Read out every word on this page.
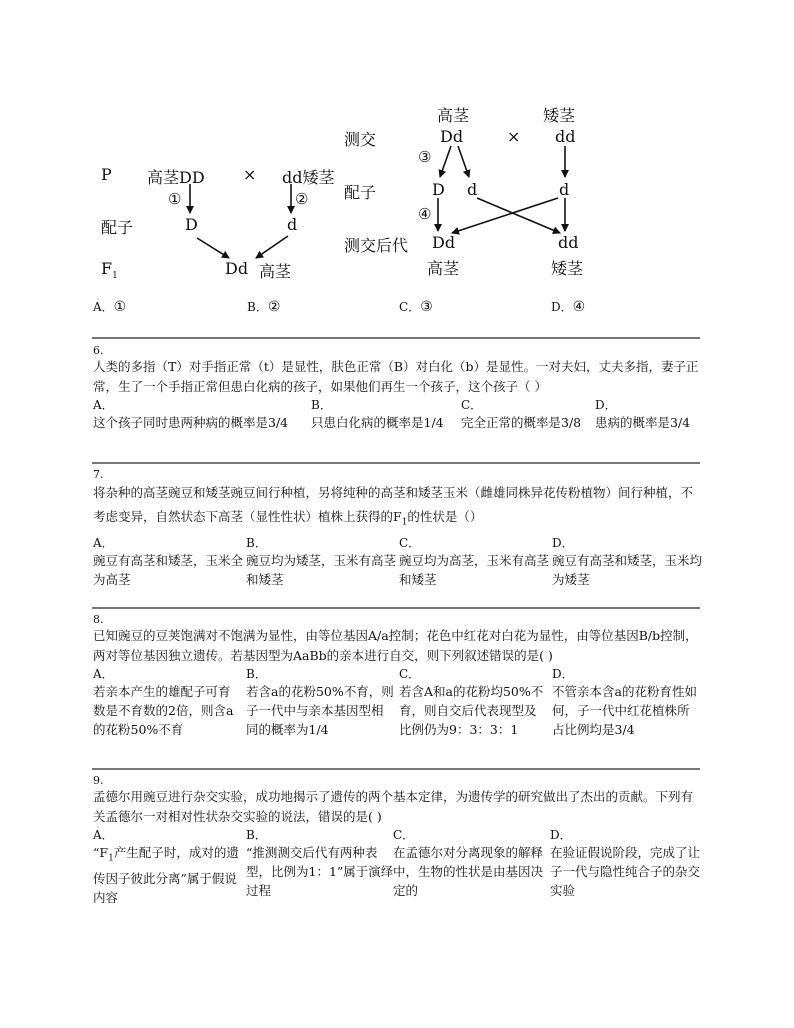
P 高茎DD × dd矮茎
①	②
配子	D	d
$F_1$	Dd 高茎
高茎	矮茎
测交	Dd	× dd
③
配子	D d	d
④
测交后代 Dd	dd
高茎	矮茎
A．①	B．②	C．③	D．④
6.
人类的多指（T）对手指正常（t）是显性，肤色正常（B）对白化（b）是显性。一对夫妇，丈夫多指，妻子正常，生了一个手指正常但患白化病的孩子，如果他们再生一个孩子，这个孩子（ ）
A．
这个孩子同时患两种病的概率是3/4
B．
只患白化病的概率是1/4
C．
完全正常的概率是3/8
D．
患病的概率是3/4
7.
将杂种的高茎豌豆和矮茎豌豆间行种植，另将纯种的高茎和矮茎玉米（雌雄同株异花传粉植物）间行种植，不考虑变异，自然状态下高茎（显性性状）植株上获得的$F_1$的性状是（）
A．
豌豆有高茎和矮茎，玉米全为高茎
B．
豌豆均为矮茎，玉米有高茎和矮茎
C．
豌豆均为高茎，玉米有高茎和矮茎
D．
豌豆有高茎和矮茎，玉米均为矮茎
8.
已知豌豆的豆荚饱满对不饱满为显性，由等位基因A/a控制；花色中红花对白花为显性，由等位基因B/b控制，两对等位基因独立遗传。若基因型为AaBb的亲本进行自交，则下列叙述错误的是( )
A．
若亲本产生的雄配子可育数是不育数的2倍，则含a的花粉50%不育
B．
若含a的花粉50%不育，则子一代中与亲本基因型相同的概率为1/4
C．
若含A和a的花粉均50%不育，则自交后代表现型及比例仍为9：3：3：1
D．
不管亲本含a的花粉育性如何，子一代中红花植株所占比例均是3/4
9.
孟德尔用豌豆进行杂交实验，成功地揭示了遗传的两个基本定律，为遗传学的研究做出了杰出的贡献。下列有关孟德尔一对相对性状杂交实验的说法，错误的是( )
A．
“$F_1$产生配子时，成对的遗传因子彼此分离”属于假说内容
B．
“推测测交后代有两种表型，比例为1：1”属于演绎过程
C．
在孟德尔对分离现象的解释中，生物的性状是由基因决定的
D．
在验证假说阶段，完成了让子一代与隐性纯合子的杂交实验
